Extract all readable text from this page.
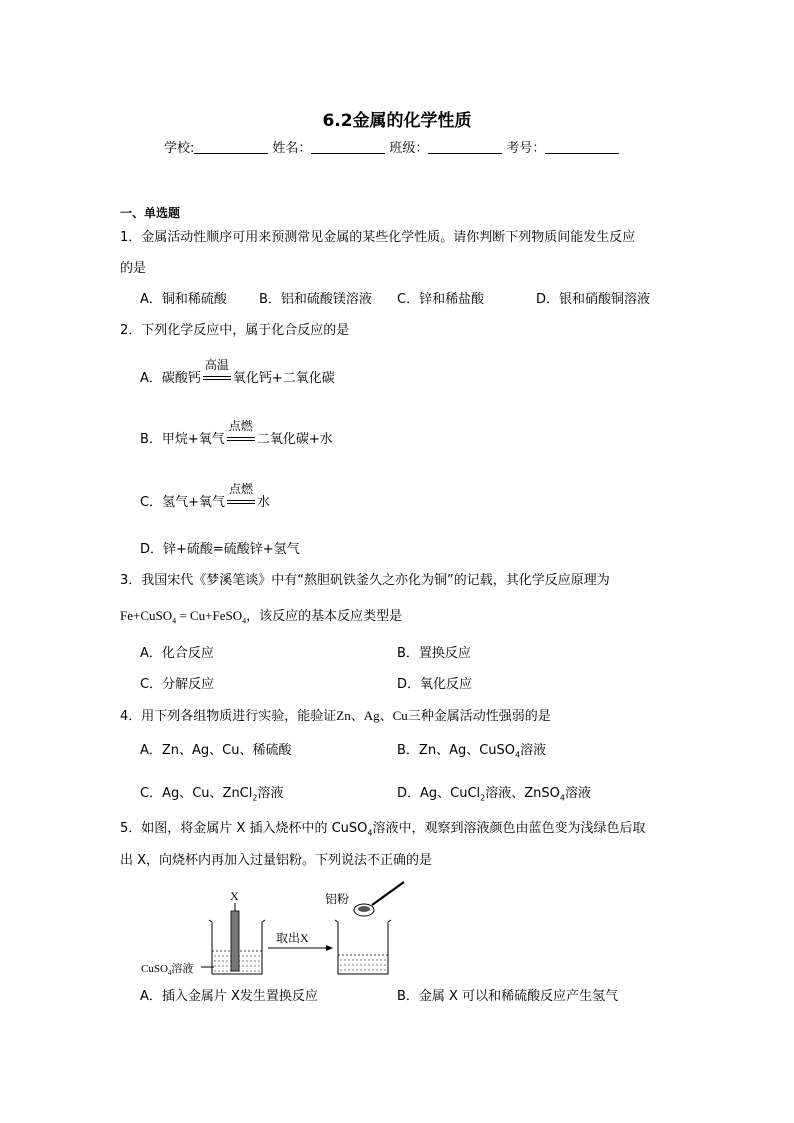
6.2金属的化学性质
学校:	姓名：	班级：	考号：
一、单选题
1．金属活动性顺序可用来预测常见金属的某些化学性质。请你判断下列物质间能发生反应
的是
A．铜和稀硫酸 B．铝和硫酸镁溶液 C．锌和稀盐酸	D．银和硝酸铜溶液
2．下列化学反应中，属于化合反应的是
A．碳酸钙
高温
氧化钙+二氧化碳
B．甲烷+氧气
点燃
二氧化碳+水
C．氢气+氧气
点燃
水
D．锌+硫酸=硫酸锌+氢气
3．我国宋代《梦溪笔谈》中有“熬胆矾铁釜久之亦化为铜”的记载，其化学反应原理为
Fe+CuSO$_4$ = Cu+FeSO$_4$，该反应的基本反应类型是
A．化合反应	B．置换反应
C．分解反应	D．氧化反应
4．用下列各组物质进行实验，能验证Zn、Ag、Cu三种金属活动性强弱的是
A．Zn、Ag、Cu、稀硫酸	B．Zn、Ag、CuSO$_4$溶液
C．Ag、Cu、ZnCl$_2$溶液	D．Ag、CuCl$_2$溶液、ZnSO$_4$溶液
5．如图，将金属片 X 插入烧杯中的 CuSO$_4$溶液中，观察到溶液颜色由蓝色变为浅绿色后取
出 X，向烧杯内再加入过量铝粉。下列说法不正确的是
X
CuSO$_4$溶液
取出X
铝粉
A．插入金属片 X发生置换反应	B．金属 X 可以和稀硫酸反应产生氢气
